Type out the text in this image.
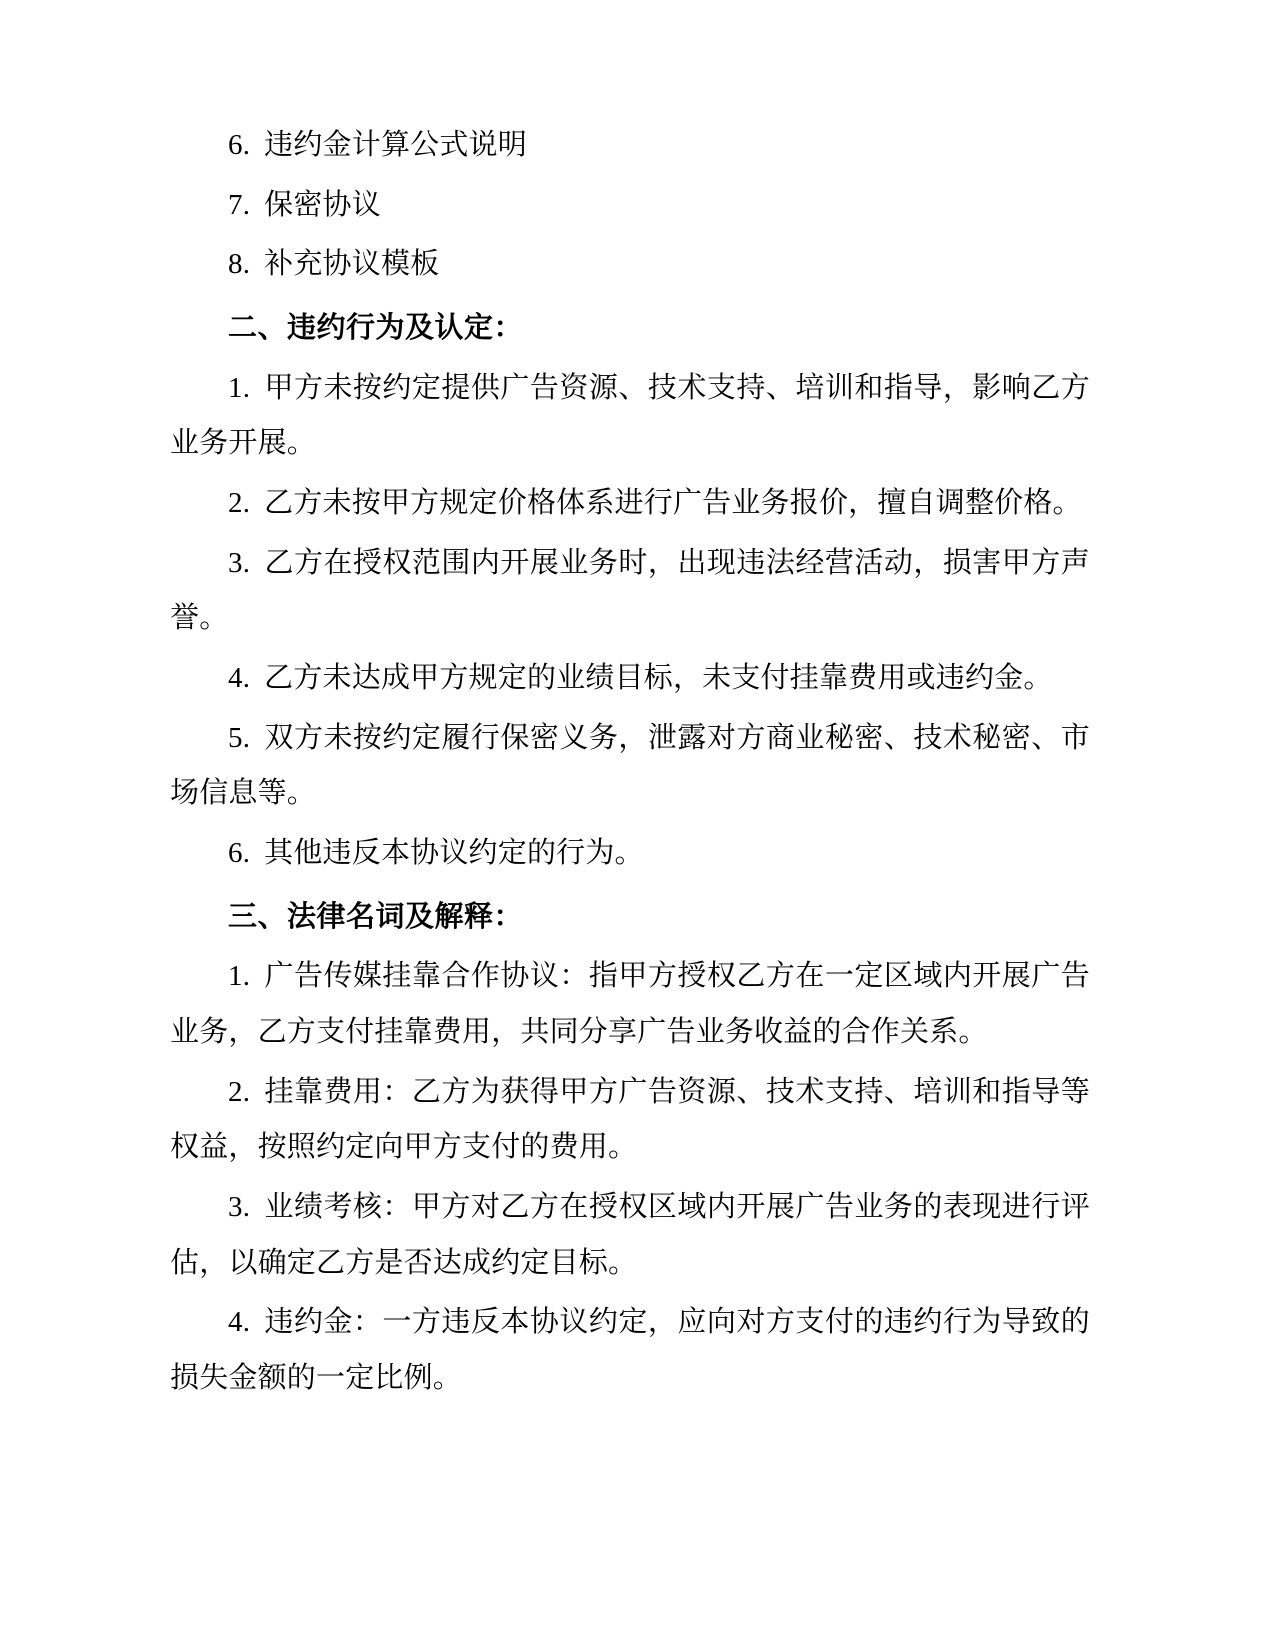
6. 违约金计算公式说明
7. 保密协议
8. 补充协议模板
二、违约行为及认定：
1. 甲方未按约定提供广告资源、技术支持、培训和指导，影响乙方业务开展。
2. 乙方未按甲方规定价格体系进行广告业务报价，擅自调整价格。
3. 乙方在授权范围内开展业务时，出现违法经营活动，损害甲方声誉。
4. 乙方未达成甲方规定的业绩目标，未支付挂靠费用或违约金。
5. 双方未按约定履行保密义务，泄露对方商业秘密、技术秘密、市场信息等。
6. 其他违反本协议约定的行为。
三、法律名词及解释：
1. 广告传媒挂靠合作协议：指甲方授权乙方在一定区域内开展广告业务，乙方支付挂靠费用，共同分享广告业务收益的合作关系。
2. 挂靠费用：乙方为获得甲方广告资源、技术支持、培训和指导等权益，按照约定向甲方支付的费用。
3. 业绩考核：甲方对乙方在授权区域内开展广告业务的表现进行评估，以确定乙方是否达成约定目标。
4. 违约金：一方违反本协议约定，应向对方支付的违约行为导致的损失金额的一定比例。
